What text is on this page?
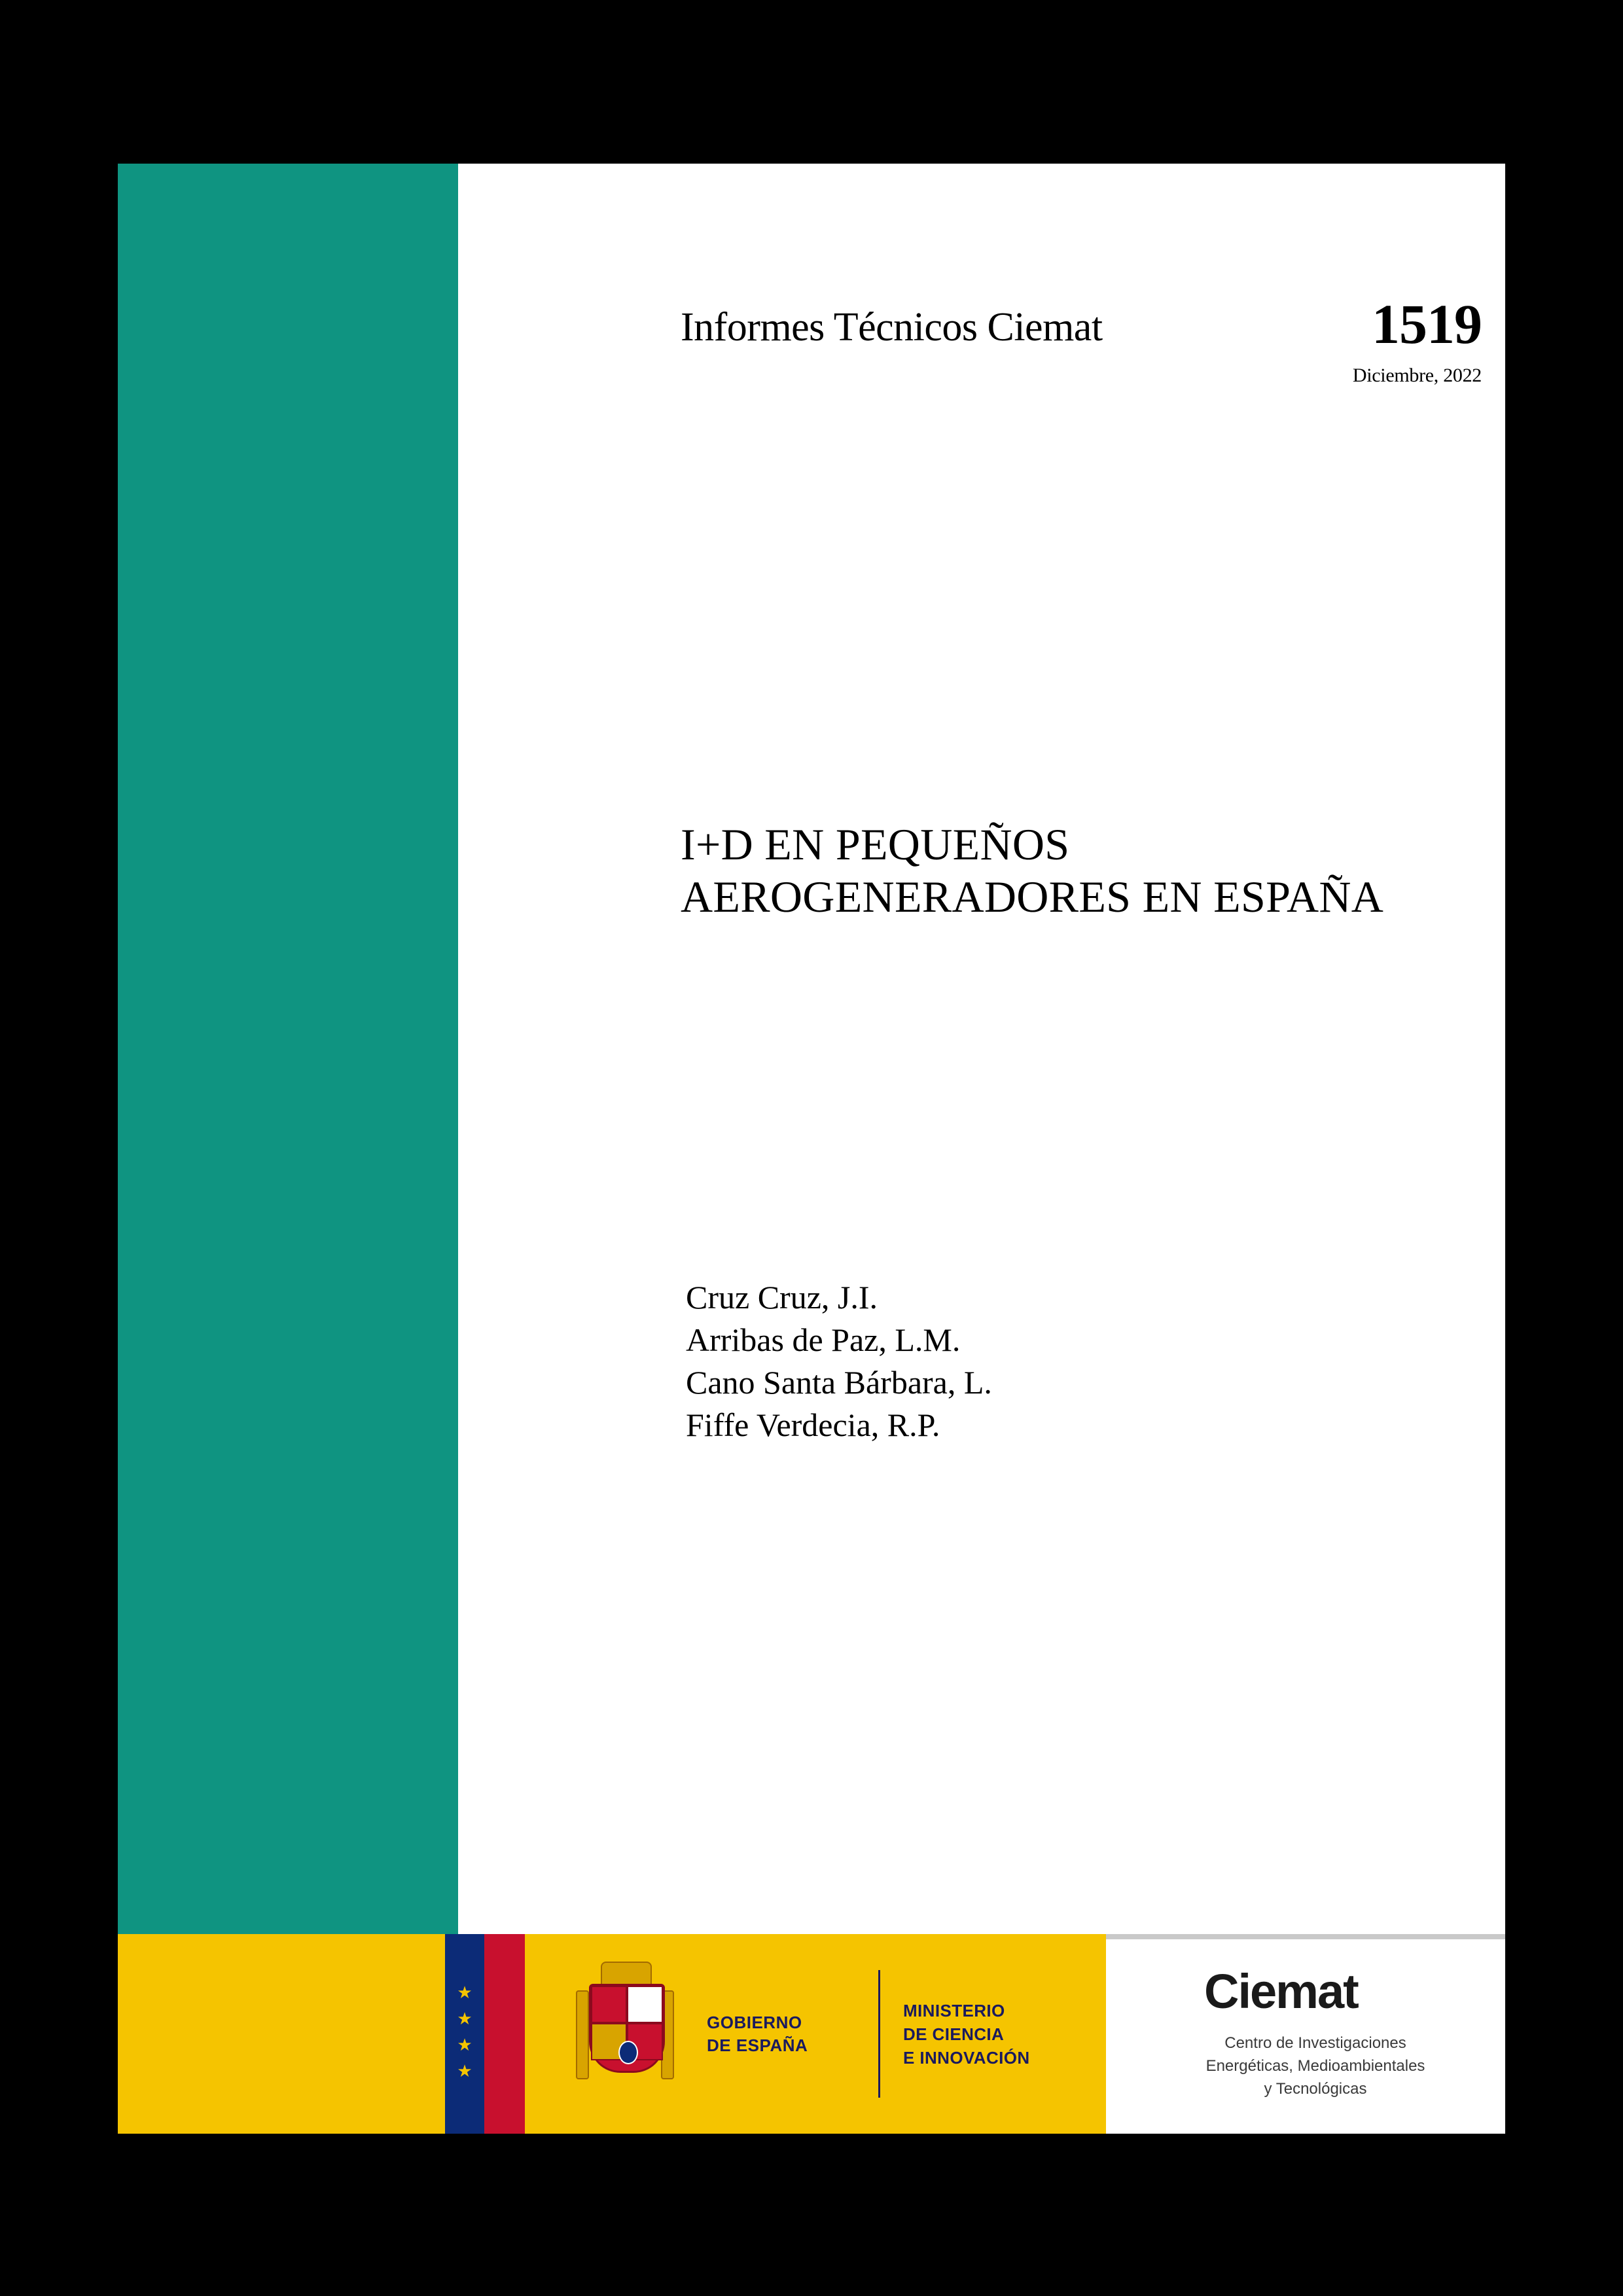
Informes Técnicos Ciemat	1519
Diciembre, 2022
I+D EN PEQUEÑOS AEROGENERADORES EN ESPAÑA
Cruz Cruz, J.I.
Arribas de Paz, L.M.
Cano Santa Bárbara, L.
Fiffe Verdecia, R.P.
★ ★
★ ★
GOBIERNO
DE ESPAÑA
MINISTERIO
DE CIENCIA
E INNOVACIÓN
Ciemat
Centro de Investigaciones
Energéticas, Medioambientales
y Tecnológicas
